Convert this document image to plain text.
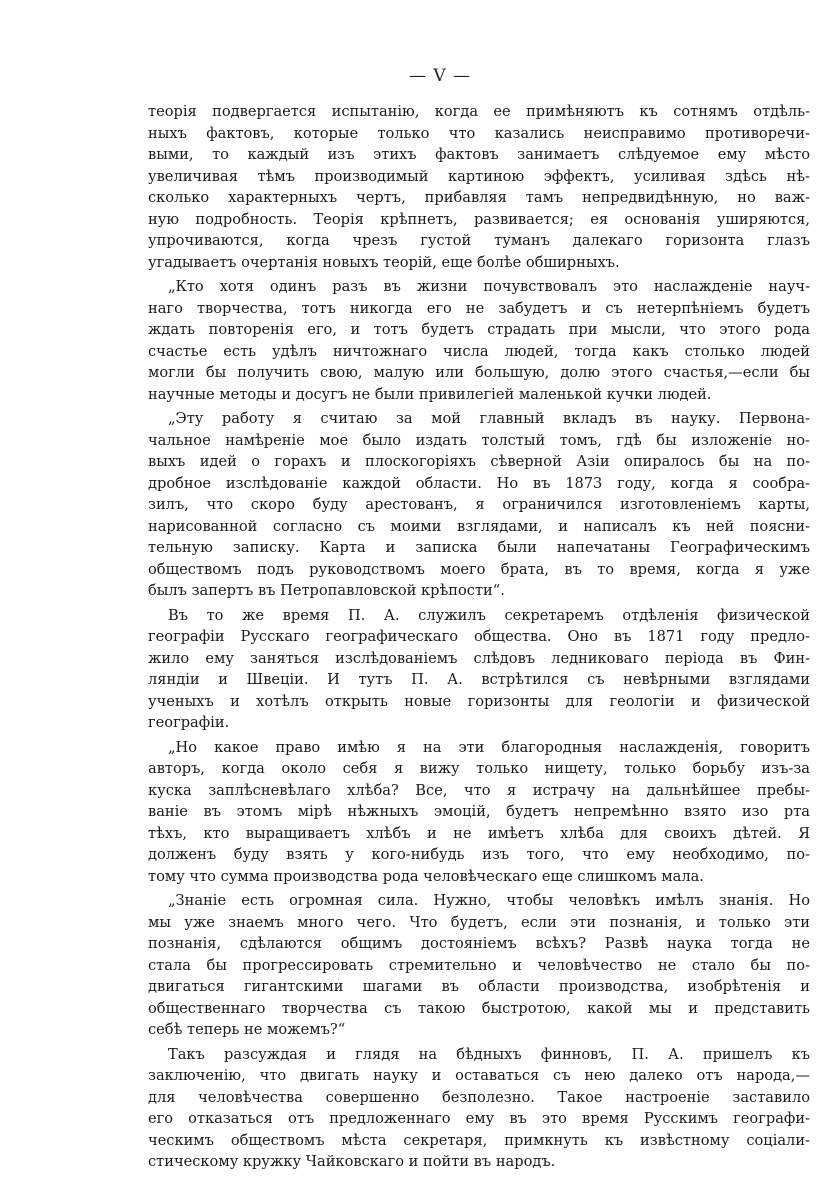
— V —
теорія подвергается испытанію, когда ее примѣняютъ къ сотнямъ отдѣль-
ныхъ фактовъ, которые только что казались неисправимо противоречи-
выми, то каждый изъ этихъ фактовъ занимаетъ слѣдуемое ему мѣсто
увеличивая тѣмъ производимый картиною эффектъ, усиливая здѣсь нѣ-
сколько характерныхъ чертъ, прибавляя тамъ непредвидѣнную, но важ-
ную подробность. Теорія крѣпнетъ, развивается; ея основанія уширяются,
упрочиваются, когда чрезъ густой туманъ далекаго горизонта глазъ
угадываетъ очертанія новыхъ теорій, еще болѣе обширныхъ.
„Кто хотя одинъ разъ въ жизни почувствовалъ это наслажденіе науч-
наго творчества, тотъ никогда его не забудетъ и съ нетерпѣніемъ будетъ
ждать повторенія его, и тотъ будетъ страдать при мысли, что этого рода
счастье есть удѣлъ ничтожнаго числа людей, тогда какъ столько людей
могли бы получить свою, малую или большую, долю этого счастья,—если бы
научные методы и досугъ не были привилегіей маленькой кучки людей.
„Эту работу я считаю за мой главный вкладъ въ науку. Первона-
чальное намѣреніе мое было издать толстый томъ, гдѣ бы изложеніе но-
выхъ идей о горахъ и плоскогоріяхъ сѣверной Азіи опиралось бы на по-
дробное изслѣдованіе каждой области. Но въ 1873 году, когда я сообра-
зилъ, что скоро буду арестованъ, я ограничился изготовленіемъ карты,
нарисованной согласно съ моими взглядами, и написалъ къ ней поясни-
тельную записку. Карта и записка были напечатаны Географическимъ
обществомъ подъ руководствомъ моего брата, въ то время, когда я уже
былъ запертъ въ Петропавловской крѣпости“.
Въ то же время П. А. служилъ секретаремъ отдѣленія физической
географіи Русскаго географическаго общества. Оно въ 1871 году предло-
жило ему заняться изслѣдованіемъ слѣдовъ ледниковаго періода въ Фин-
ляндіи и Швеціи. И тутъ П. А. встрѣтился съ невѣрными взглядами
ученыхъ и хотѣлъ открыть новые горизонты для геологіи и физической
географіи.
„Но какое право имѣю я на эти благородныя наслажденія, говоритъ
авторъ, когда около себя я вижу только нищету, только борьбу изъ-за
куска заплѣсневѣлаго хлѣба? Все, что я истрачу на дальнѣйшее пребы-
ваніе въ этомъ мірѣ нѣжныхъ эмоцій, будетъ непремѣнно взято изо рта
тѣхъ, кто выращиваетъ хлѣбъ и не имѣетъ хлѣба для своихъ дѣтей. Я
долженъ буду взять у кого-нибудь изъ того, что ему необходимо, по-
тому что сумма производства рода человѣческаго еще слишкомъ мала.
„Знаніе есть огромная сила. Нужно, чтобы человѣкъ имѣлъ знанія. Но
мы уже знаемъ много чего. Что будетъ, если эти познанія, и только эти
познанія, сдѣлаются общимъ достояніемъ всѣхъ? Развѣ наука тогда не
стала бы прогрессировать стремительно и человѣчество не стало бы по-
двигаться гигантскими шагами въ области производства, изобрѣтенія и
общественнаго творчества съ такою быстротою, какой мы и представить
себѣ теперь не можемъ?“
Такъ разсуждая и глядя на бѣдныхъ финновъ, П. А. пришелъ къ
заключенію, что двигать науку и оставаться съ нею далеко отъ народа,—
для человѣчества совершенно безполезно. Такое настроеніе заставило
его отказаться отъ предложеннаго ему въ это время Русскимъ географи-
ческимъ обществомъ мѣста секретаря, примкнуть къ извѣстному соціали-
стическому кружку Чайковскаго и пойти въ народъ.
